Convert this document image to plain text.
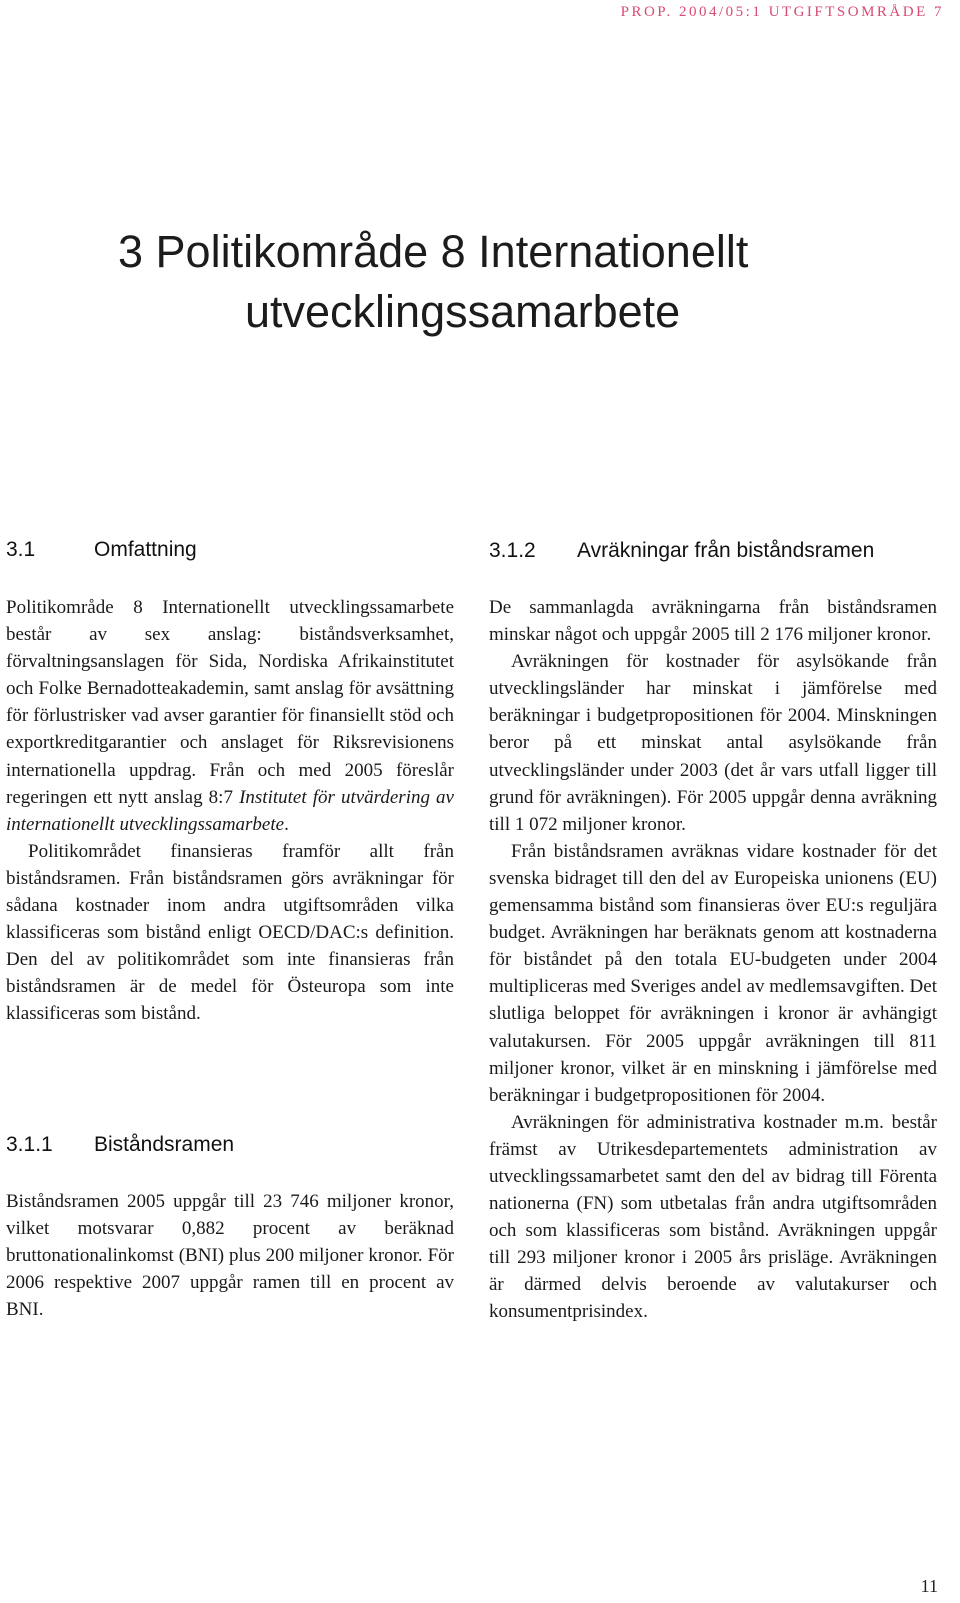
PROP. 2004/05:1 UTGIFTSOMRÅDE 7
3 Politikområde 8 Internationellt
utvecklingssamarbete
3.1	Omfattning

Politikområde 8 Internationellt utvecklingssamarbete består av sex anslag: biståndsverksamhet, förvaltningsanslagen för Sida, Nordiska Afrikainstitutet och Folke Bernadotteakademin, samt anslag för avsättning för förlustrisker vad avser garantier för finansiellt stöd och exportkreditgarantier och anslaget för Riksrevisionens internationella uppdrag. Från och med 2005 föreslår regeringen ett nytt anslag 8:7 Institutet för utvärdering av internationellt utvecklingssamarbete.

Politikområdet finansieras framför allt från biståndsramen. Från biståndsramen görs avräkningar för sådana kostnader inom andra utgiftsområden vilka klassificeras som bistånd enligt OECD/DAC:s definition. Den del av politikområdet som inte finansieras från biståndsramen är de medel för Östeuropa som inte klassificeras som bistånd.

3.1.1 Biståndsramen

Biståndsramen 2005 uppgår till 23 746 miljoner kronor, vilket motsvarar 0,882 procent av beräknad bruttonationalinkomst (BNI) plus 200 miljoner kronor. För 2006 respektive 2007 uppgår ramen till en procent av BNI.

3.1.2 Avräkningar från biståndsramen

De sammanlagda avräkningarna från biståndsramen minskar något och uppgår 2005 till 2 176 miljoner kronor.

Avräkningen för kostnader för asylsökande från utvecklingsländer har minskat i jämförelse med beräkningar i budgetpropositionen för 2004. Minskningen beror på ett minskat antal asylsökande från utvecklingsländer under 2003 (det år vars utfall ligger till grund för avräkningen). För 2005 uppgår denna avräkning till 1 072 miljoner kronor.

Från biståndsramen avräknas vidare kostnader för det svenska bidraget till den del av Europeiska unionens (EU) gemensamma bistånd som finansieras över EU:s reguljära budget. Avräkningen har beräknats genom att kostnaderna för biståndet på den totala EU-budgeten under 2004 multipliceras med Sveriges andel av medlemsavgiften. Det slutliga beloppet för avräkningen i kronor är avhängigt valutakursen. För 2005 uppgår avräkningen till 811 miljoner kronor, vilket är en minskning i jämförelse med beräkningar i budgetpropositionen för 2004.

Avräkningen för administrativa kostnader m.m. består främst av Utrikesdepartementets administration av utvecklingssamarbetet samt den del av bidrag till Förenta nationerna (FN) som utbetalas från andra utgiftsområden och som klassificeras som bistånd. Avräkningen uppgår till 293 miljoner kronor i 2005 års prisläge. Avräkningen är därmed delvis beroende av valutakurser och konsumentprisindex.

11
